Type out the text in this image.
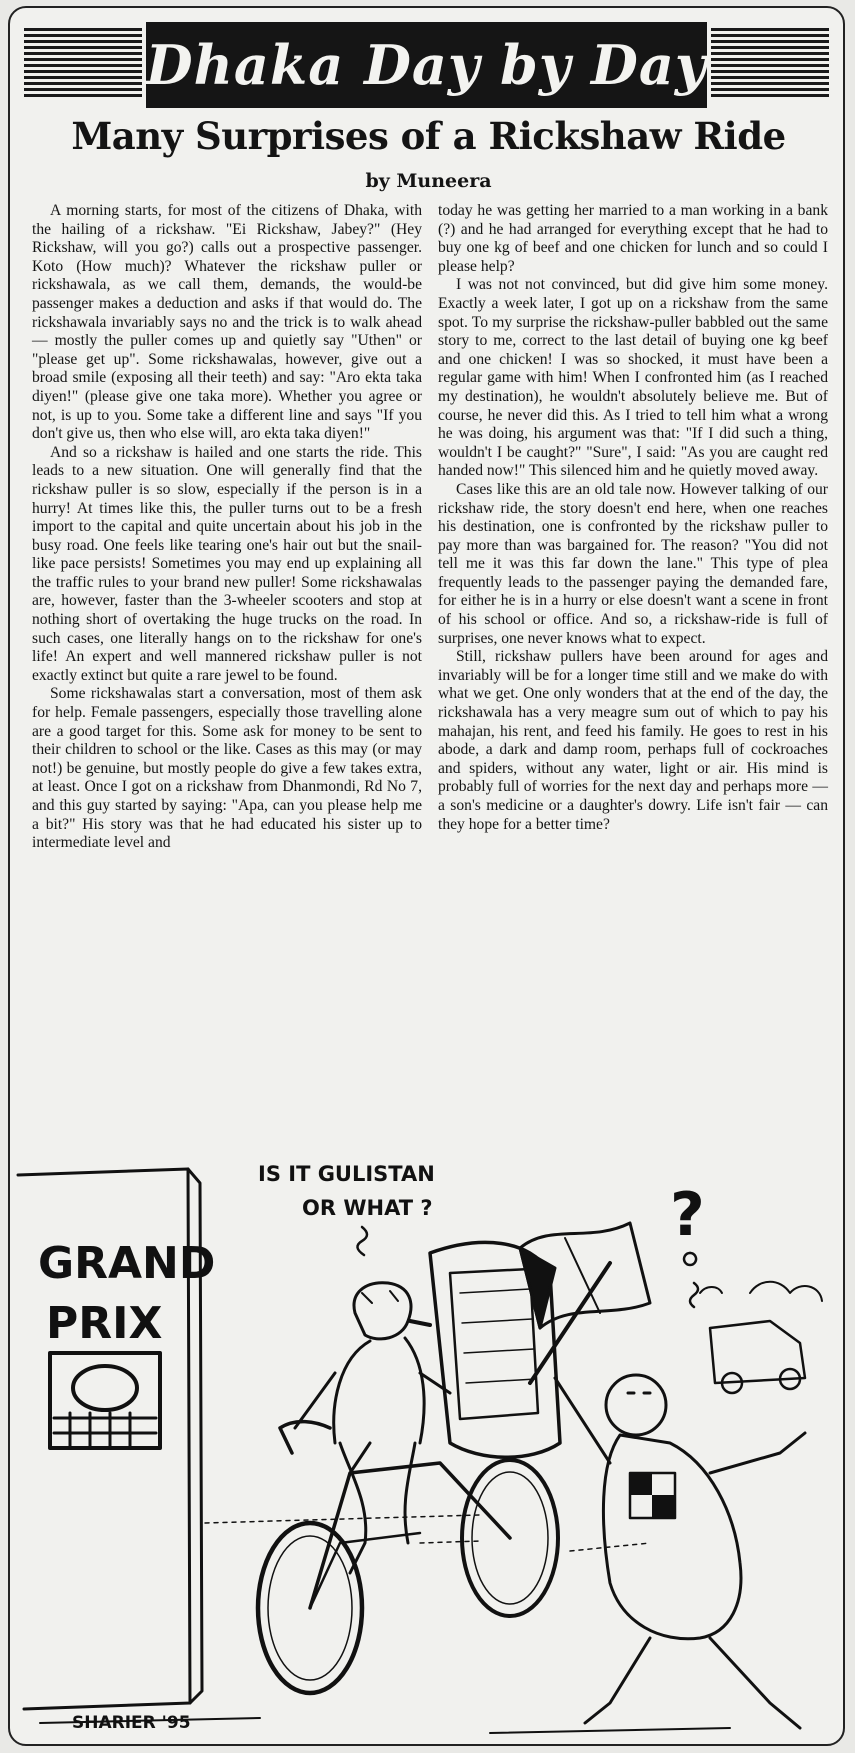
Dhaka Day by Day
Many Surprises of a Rickshaw Ride
by Muneera

A morning starts, for most of the citizens of Dhaka, with the hailing of a rickshaw. "Ei Rickshaw, Jabey?" (Hey Rickshaw, will you go?) calls out a prospective passenger. Koto (How much)? Whatever the rickshaw puller or rickshawala, as we call them, demands, the would-be passenger makes a deduction and asks if that would do. The rickshawala invariably says no and the trick is to walk ahead — mostly the puller comes up and quietly say "Uthen" or "please get up". Some rickshawalas, however, give out a broad smile (exposing all their teeth) and say: "Aro ekta taka diyen!" (please give one taka more). Whether you agree or not, is up to you. Some take a different line and says "If you don't give us, then who else will, aro ekta taka diyen!"

And so a rickshaw is hailed and one starts the ride. This leads to a new situation. One will generally find that the rickshaw puller is so slow, especially if the person is in a hurry! At times like this, the puller turns out to be a fresh import to the capital and quite uncertain about his job in the busy road. One feels like tearing one's hair out but the snail-like pace persists! Sometimes you may end up explaining all the traffic rules to your brand new puller! Some rickshawalas are, however, faster than the 3-wheeler scooters and stop at nothing short of overtaking the huge trucks on the road. In such cases, one literally hangs on to the rickshaw for one's life! An expert and well mannered rickshaw puller is not exactly extinct but quite a rare jewel to be found.

Some rickshawalas start a conversation, most of them ask for help. Female passengers, especially those travelling alone are a good target for this. Some ask for money to be sent to their children to school or the like. Cases as this may (or may not!) be genuine, but mostly people do give a few takes extra, at least. Once I got on a rickshaw from Dhanmondi, Rd No 7, and this guy started by saying: "Apa, can you please help me a bit?" His story was that he had educated his sister up to intermediate level and

today he was getting her married to a man working in a bank (?) and he had arranged for everything except that he had to buy one kg of beef and one chicken for lunch and so could I please help?

I was not not convinced, but did give him some money. Exactly a week later, I got up on a rickshaw from the same spot. To my surprise the rickshaw-puller babbled out the same story to me, correct to the last detail of buying one kg beef and one chicken! I was so shocked, it must have been a regular game with him! When I confronted him (as I reached my destination), he wouldn't absolutely believe me. But of course, he never did this. As I tried to tell him what a wrong he was doing, his argument was that: "If I did such a thing, wouldn't I be caught?" "Sure", I said: "As you are caught red handed now!" This silenced him and he quietly moved away.

Cases like this are an old tale now. However talking of our rickshaw ride, the story doesn't end here, when one reaches his destination, one is confronted by the rickshaw puller to pay more than was bargained for. The reason? "You did not tell me it was this far down the lane." This type of plea frequently leads to the passenger paying the demanded fare, for either he is in a hurry or else doesn't want a scene in front of his school or office. And so, a rickshaw-ride is full of surprises, one never knows what to expect.

Still, rickshaw pullers have been around for ages and invariably will be for a longer time still and we make do with what we get. One only wonders that at the end of the day, the rickshawala has a very meagre sum out of which to pay his mahajan, his rent, and feed his family. He goes to rest in his abode, a dark and damp room, perhaps full of cockroaches and spiders, without any water, light or air. His mind is probably full of worries for the next day and perhaps more — a son's medicine or a daughter's dowry. Life isn't fair — can they hope for a better time?

GRAND
PRIX
IS IT GULISTAN
OR WHAT ?	?
SHARIER '95
